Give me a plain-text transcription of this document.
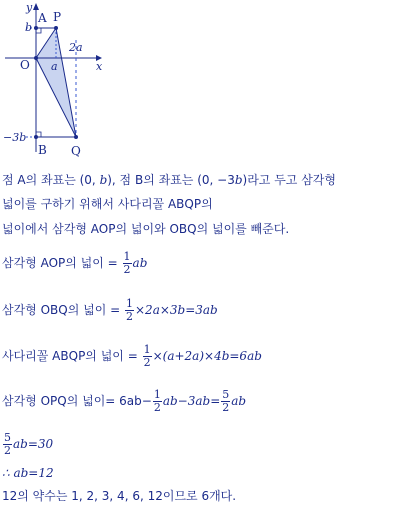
y
x
A P
O
B Q
b
2a
a
−3b
점 A의 좌표는 (0, b), 점 B의 좌표는 (0, −3b)라고 두고 삼각형
넓이를 구하기 위해서 사다리꼴 ABQP의
넓이에서 삼각형 AOP의 넓이와 OBQ의 넓이를 빼준다.
삼각형 AOP의 넓이 = $\frac{1}{2}$ ab
삼각형 OBQ의 넓이 = $\frac{1}{2} \times 2a\times 3b=3ab$
사다리꼴 ABQP의 넓이 = $\frac{1}{2} \times(a+2a)\times 4b=6ab$
삼각형 OPQ의 넓이= $6ab- \frac{1}{2} ab-3ab= \frac{5}{2}$ ab
$\frac{5}{2} ab=30$
∴ ab=12
12의 약수는 1, 2, 3, 4, 6, 12이므로 6개다.
